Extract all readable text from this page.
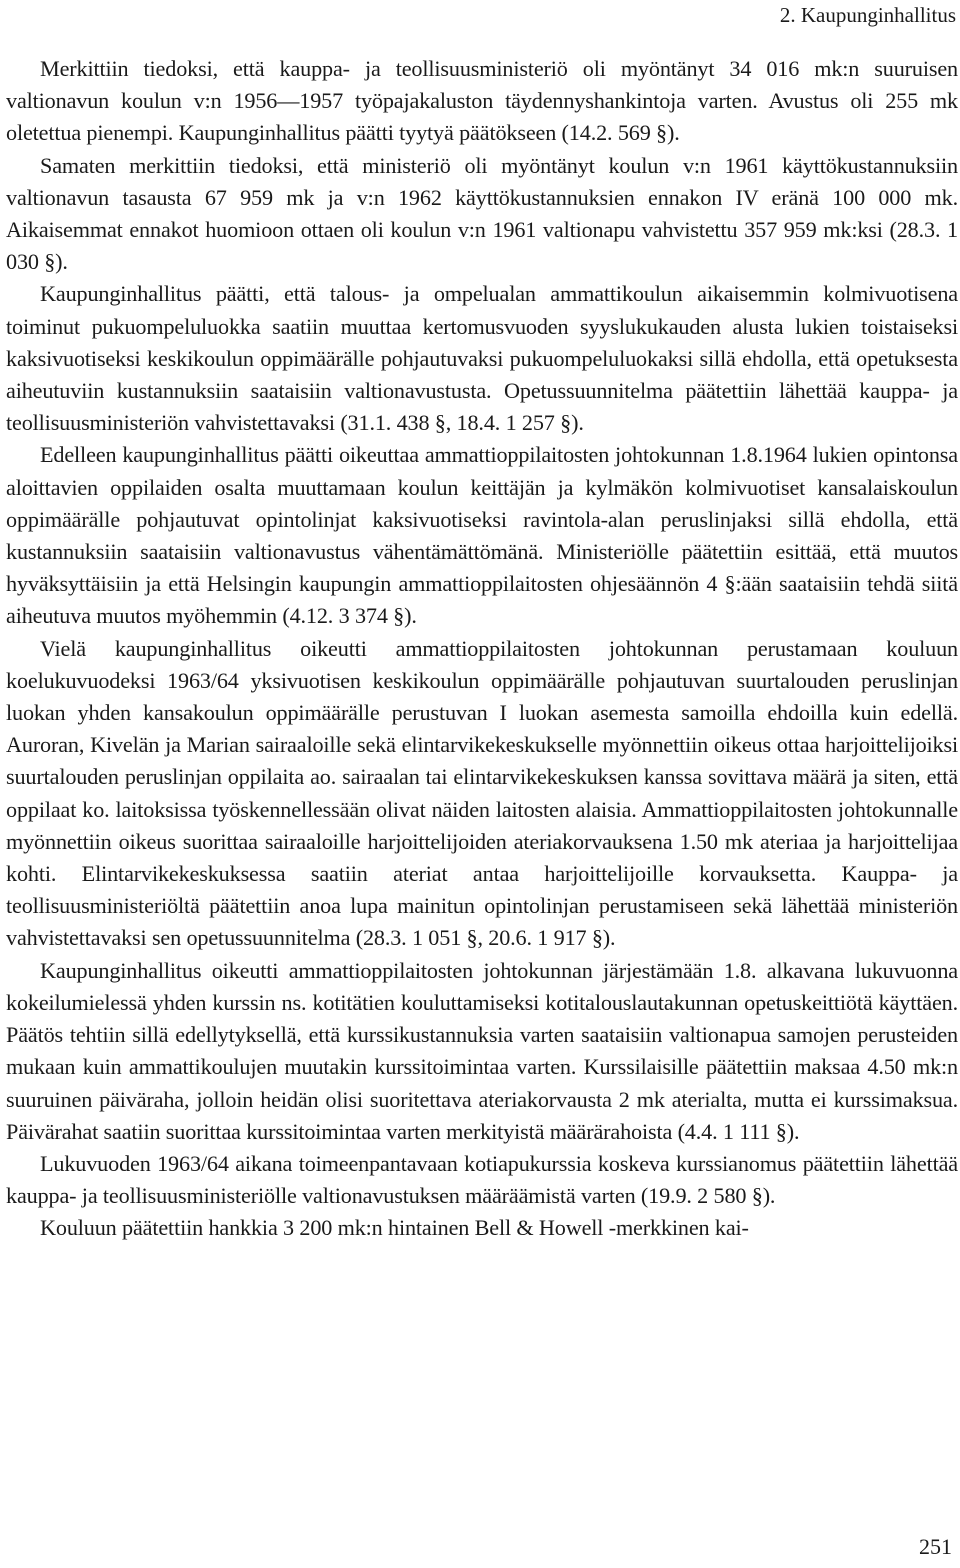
2. Kaupunginhallitus

Merkittiin tiedoksi, että kauppa- ja teollisuusministeriö oli myöntänyt 34 016 mk:n suuruisen valtionavun koulun v:n 1956—1957 työpajakaluston täydennyshankintoja varten. Avustus oli 255 mk oletettua pienempi. Kaupunginhallitus päätti tyytyä päätökseen (14.2. 569 §).

Samaten merkittiin tiedoksi, että ministeriö oli myöntänyt koulun v:n 1961 käyttökustannuksiin valtionavun tasausta 67 959 mk ja v:n 1962 käyttökustannuksien ennakon IV eränä 100 000 mk. Aikaisemmat ennakot huomioon ottaen oli koulun v:n 1961 valtionapu vahvistettu 357 959 mk:ksi (28.3. 1 030 §).

Kaupunginhallitus päätti, että talous- ja ompelualan ammattikoulun aikaisemmin kolmivuotisena toiminut pukuompeluluokka saatiin muuttaa kertomusvuoden syyslukukauden alusta lukien toistaiseksi kaksivuotiseksi keskikoulun oppimäärälle pohjautuvaksi pukuompeluluokaksi sillä ehdolla, että opetuksesta aiheutuviin kustannuksiin saataisiin valtionavustusta. Opetussuunnitelma päätettiin lähettää kauppa- ja teollisuusministeriön vahvistettavaksi (31.1. 438 §, 18.4. 1 257 §).

Edelleen kaupunginhallitus päätti oikeuttaa ammattioppilaitosten johtokunnan 1.8.1964 lukien opintonsa aloittavien oppilaiden osalta muuttamaan koulun keittäjän ja kylmäkön kolmivuotiset kansalaiskoulun oppimäärälle pohjautuvat opintolinjat kaksivuotiseksi ravintola-alan peruslinjaksi sillä ehdolla, että kustannuksiin saataisiin valtionavustus vähentämättömänä. Ministeriölle päätettiin esittää, että muutos hyväksyttäisiin ja että Helsingin kaupungin ammattioppilaitosten ohjesäännön 4 §:ään saataisiin tehdä siitä aiheutuva muutos myöhemmin (4.12. 3 374 §).

Vielä kaupunginhallitus oikeutti ammattioppilaitosten johtokunnan perustamaan kouluun koelukuvuodeksi 1963/64 yksivuotisen keskikoulun oppimäärälle pohjautuvan suurtalouden peruslinjan luokan yhden kansakoulun oppimäärälle perustuvan I luokan asemesta samoilla ehdoilla kuin edellä. Auroran, Kivelän ja Marian sairaaloille sekä elintarvikekeskukselle myönnettiin oikeus ottaa harjoittelijoiksi suurtalouden peruslinjan oppilaita ao. sairaalan tai elintarvikekeskuksen kanssa sovittava määrä ja siten, että oppilaat ko. laitoksissa työskennellessään olivat näiden laitosten alaisia. Ammattioppilaitosten johtokunnalle myönnettiin oikeus suorittaa sairaaloille harjoittelijoiden ateriakorvauksena 1.50 mk ateriaa ja harjoittelijaa kohti. Elintarvikekeskuksessa saatiin ateriat antaa harjoittelijoille korvauksetta. Kauppa- ja teollisuusministeriöltä päätettiin anoa lupa mainitun opintolinjan perustamiseen sekä lähettää ministeriön vahvistettavaksi sen opetussuunnitelma (28.3. 1 051 §, 20.6. 1 917 §).

Kaupunginhallitus oikeutti ammattioppilaitosten johtokunnan järjestämään 1.8. alkavana lukuvuonna kokeilumielessä yhden kurssin ns. kotitätien kouluttamiseksi kotitalouslautakunnan opetuskeittiötä käyttäen. Päätös tehtiin sillä edellytyksellä, että kurssikustannuksia varten saataisiin valtionapua samojen perusteiden mukaan kuin ammattikoulujen muutakin kurssitoimintaa varten. Kurssilaisille päätettiin maksaa 4.50 mk:n suuruinen päiväraha, jolloin heidän olisi suoritettava ateriakorvausta 2 mk aterialta, mutta ei kurssimaksua. Päivärahat saatiin suorittaa kurssitoimintaa varten merkityistä määrärahoista (4.4. 1 111 §).

Lukuvuoden 1963/64 aikana toimeenpantavaan kotiapukurssia koskeva kurssianomus päätettiin lähettää kauppa- ja teollisuusministeriölle valtionavustuksen määräämistä varten (19.9. 2 580 §).

Kouluun päätettiin hankkia 3 200 mk:n hintainen Bell & Howell -merkkinen kai-

251
